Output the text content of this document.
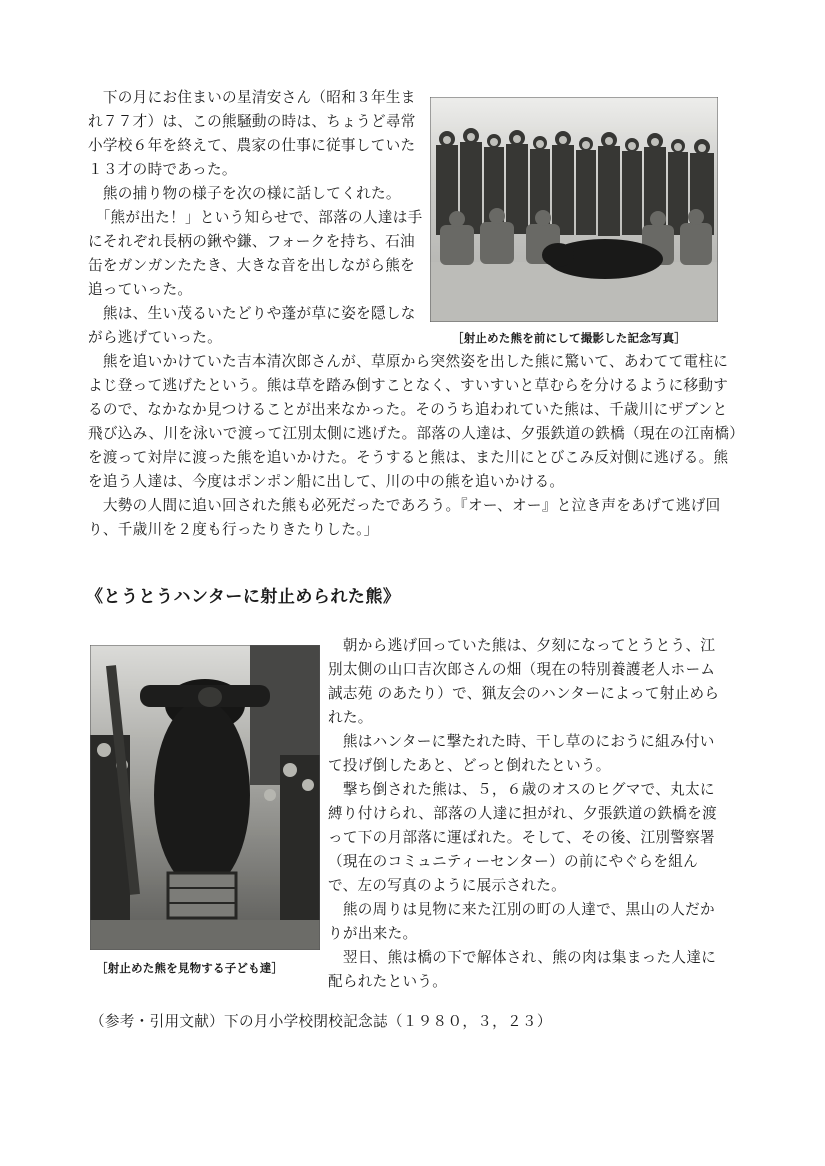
　下の月にお住まいの星清安さん（昭和３年生まれ７７才）は、この熊騒動の時は、ちょうど尋常小学校６年を終えて、農家の仕事に従事していた１３才の時であった。
　熊の捕り物の様子を次の様に話してくれた。
　「熊が出た！」という知らせで、部落の人達は手にそれぞれ長柄の鍬や鎌、フォークを持ち、石油缶をガンガンたたき、大きな音を出しながら熊を追っていった。
　熊は、生い茂るいたどりや蓬が草に姿を隠しながら逃げていった。	［射止めた熊を前にして撮影した記念写真］

　熊を追いかけていた吉本清次郎さんが、草原から突然姿を出した熊に驚いて、あわてて電柱によじ登って逃げたという。熊は草を踏み倒すことなく、すいすいと草むらを分けるように移動するので、なかなか見つけることが出来なかった。そのうち追われていた熊は、千歳川にザブンと飛び込み、川を泳いで渡って江別太側に逃げた。部落の人達は、夕張鉄道の鉄橋（現在の江南橋）を渡って対岸に渡った熊を追いかけた。そうすると熊は、また川にとびこみ反対側に逃げる。熊を追う人達は、今度はポンポン船に出して、川の中の熊を追いかける。
　大勢の人間に追い回された熊も必死だったであろう。『オー、オー』と泣き声をあげて逃げ回り、千歳川を２度も行ったりきたりした。」

《とうとうハンターに射止められた熊》

［射止めた熊を見物する子ども達］

　朝から逃げ回っていた熊は、夕刻になってとうとう、江別太側の山口吉次郎さんの畑（現在の特別養護老人ホーム誠志苑 のあたり）で、猟友会のハンターによって射止められた。
　熊はハンターに撃たれた時、干し草のにおうに組み付いて投げ倒したあと、どっと倒れたという。
　撃ち倒された熊は、５，６歳のオスのヒグマで、丸太に縛り付けられ、部落の人達に担がれ、夕張鉄道の鉄橋を渡って下の月部落に運ばれた。そして、その後、江別警察署（現在のコミュニティーセンター）の前にやぐらを組んで、左の写真のように展示された。
　熊の周りは見物に来た江別の町の人達で、黒山の人だかりが出来た。
　翌日、熊は橋の下で解体され、熊の肉は集まった人達に配られたという。

（参考・引用文献）下の月小学校閉校記念誌（１９８０，３，２３）
